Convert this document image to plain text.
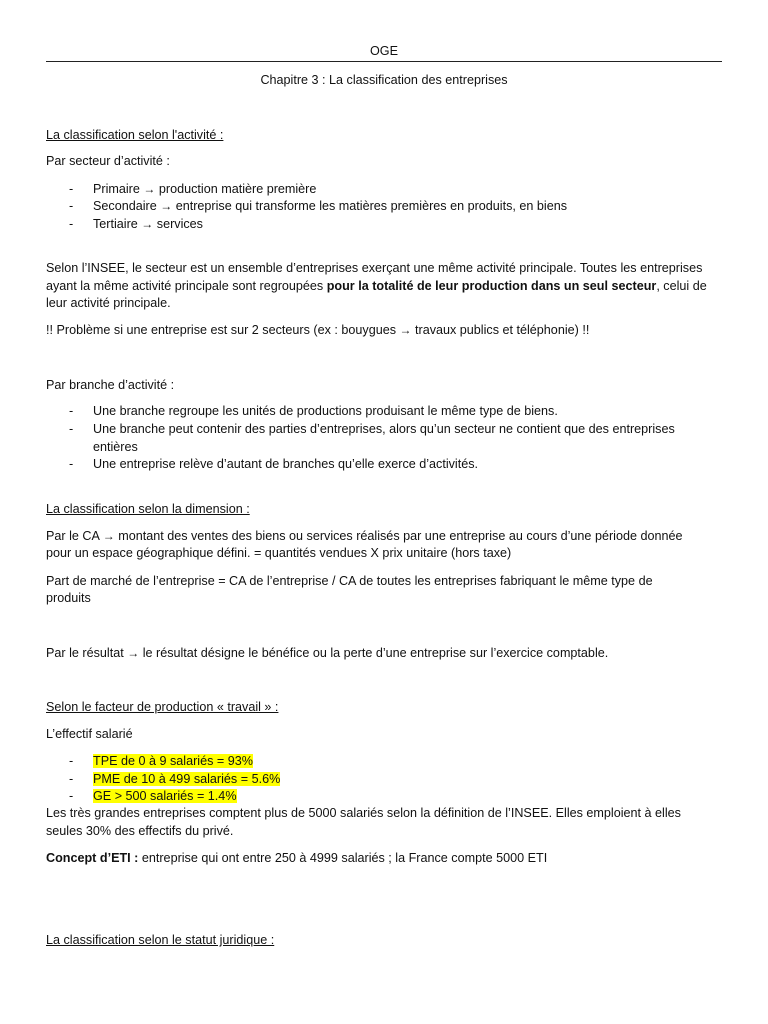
OGE
Chapitre 3 : La classification des entreprises
La classification selon l'activité :
Par secteur d’activité :
- Primaire → production matière première
- Secondaire → entreprise qui transforme les matières premières en produits, en biens
- Tertiaire → services
Selon l’INSEE, le secteur est un ensemble d’entreprises exerçant une même activité principale. Toutes les entreprises
ayant la même activité principale sont regroupées pour la totalité de leur production dans un seul secteur, celui de
leur activité principale.
!! Problème si une entreprise est sur 2 secteurs (ex : bouygues → travaux publics et téléphonie) !!
Par branche d’activité :
- Une branche regroupe les unités de productions produisant le même type de biens.
- Une branche peut contenir des parties d’entreprises, alors qu’un secteur ne contient que des entreprises entières
- Une entreprise relève d’autant de branches qu’elle exerce d’activités.
La classification selon la dimension :
Par le CA → montant des ventes des biens ou services réalisés par une entreprise au cours d’une période donnée
pour un espace géographique défini. = quantités vendues X prix unitaire (hors taxe)
Part de marché de l’entreprise = CA de l’entreprise / CA de toutes les entreprises fabriquant le même type de
produits
Par le résultat → le résultat désigne le bénéfice ou la perte d’une entreprise sur l’exercice comptable.
Selon le facteur de production « travail » :
L’effectif salarié
- TPE de 0 à 9 salariés = 93%
- PME de 10 à 499 salariés = 5.6%
- GE > 500 salariés = 1.4%
Les très grandes entreprises comptent plus de 5000 salariés selon la définition de l’INSEE. Elles emploient à elles
seules 30% des effectifs du privé.
Concept d’ETI : entreprise qui ont entre 250 à 4999 salariés ; la France compte 5000 ETI
La classification selon le statut juridique :
